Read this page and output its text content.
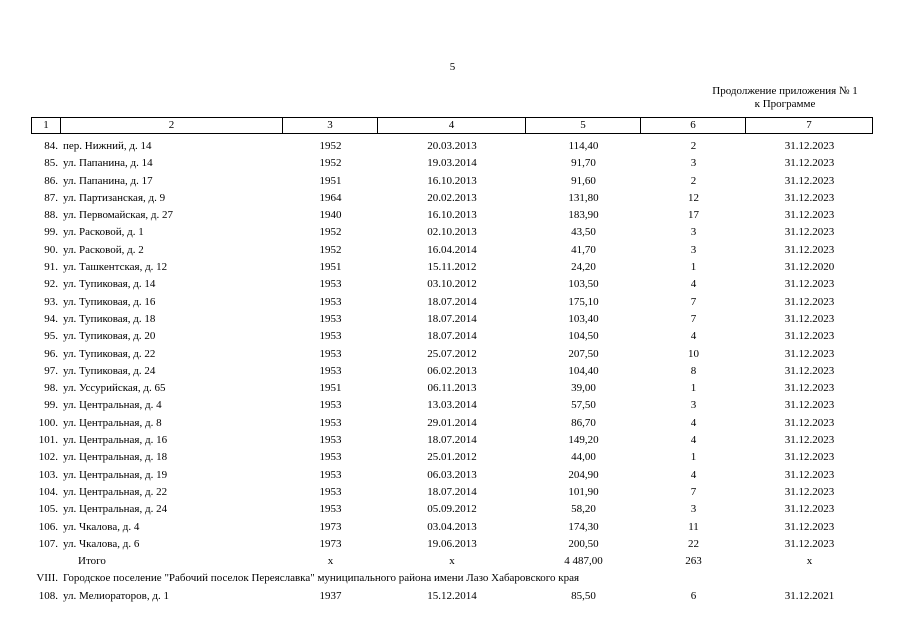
5
Продолжение приложения № 1
к Программе
1	2	3	4	5	6	7
84. пер. Нижний, д. 14	1952	20.03.2013	114,40	2	31.12.2023
85. ул. Папанина, д. 14	1952	19.03.2014	91,70	3	31.12.2023
86. ул. Папанина, д. 17	1951	16.10.2013	91,60	2	31.12.2023
87. ул. Партизанская, д. 9	1964	20.02.2013	131,80	12	31.12.2023
88. ул. Первомайская, д. 27	1940	16.10.2013	183,90	17	31.12.2023
99. ул. Расковой, д. 1	1952	02.10.2013	43,50	3	31.12.2023
90. ул. Расковой, д. 2	1952	16.04.2014	41,70	3	31.12.2023
91. ул. Ташкентская, д. 12	1951	15.11.2012	24,20	1	31.12.2020
92. ул. Тупиковая, д. 14	1953	03.10.2012	103,50	4	31.12.2023
93. ул. Тупиковая, д. 16	1953	18.07.2014	175,10	7	31.12.2023
94. ул. Тупиковая, д. 18	1953	18.07.2014	103,40	7	31.12.2023
95. ул. Тупиковая, д. 20	1953	18.07.2014	104,50	4	31.12.2023
96. ул. Тупиковая, д. 22	1953	25.07.2012	207,50	10	31.12.2023
97. ул. Тупиковая, д. 24	1953	06.02.2013	104,40	8	31.12.2023
98. ул. Уссурийская, д. 65	1951	06.11.2013	39,00	1	31.12.2023
99. ул. Центральная, д. 4	1953	13.03.2014	57,50	3	31.12.2023
100. ул. Центральная, д. 8	1953	29.01.2014	86,70	4	31.12.2023
101. ул. Центральная, д. 16	1953	18.07.2014	149,20	4	31.12.2023
102. ул. Центральная, д. 18	1953	25.01.2012	44,00	1	31.12.2023
103. ул. Центральная, д. 19	1953	06.03.2013	204,90	4	31.12.2023
104. ул. Центральная, д. 22	1953	18.07.2014	101,90	7	31.12.2023
105. ул. Центральная, д. 24	1953	05.09.2012	58,20	3	31.12.2023
106. ул. Чкалова, д. 4	1973	03.04.2013	174,30	11	31.12.2023
107. ул. Чкалова, д. 6	1973	19.06.2013	200,50	22	31.12.2023
Итого	x	x	4 487,00	263	x
VIII. Городское поселение "Рабочий поселок Переяславка" муниципального района имени Лазо Хабаровского края
108. ул. Мелиораторов, д. 1	1937	15.12.2014	85,50	6	31.12.2021
